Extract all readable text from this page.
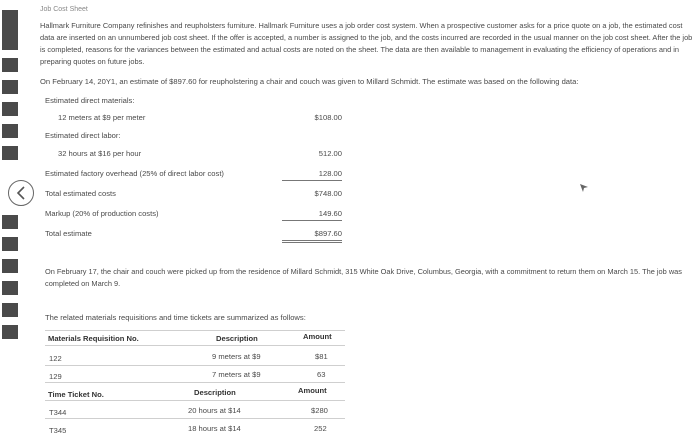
Job Cost Sheet
Hallmark Furniture Company refinishes and reupholsters furniture. Hallmark Furniture uses a job order cost system. When a prospective customer asks for a price quote on a job, the estimated cost data are inserted on an unnumbered job cost sheet. If the offer is accepted, a number is assigned to the job, and the costs incurred are recorded in the usual manner on the job cost sheet. After the job is completed, reasons for the variances between the estimated and actual costs are noted on the sheet. The data are then available to management in evaluating the efficiency of operations and in preparing quotes on future jobs.
On February 14, 20Y1, an estimate of $897.60 for reupholstering a chair and couch was given to Millard Schmidt. The estimate was based on the following data:
Estimated direct materials:
12 meters at $9 per meter	$108.00
Estimated direct labor:
32 hours at $16 per hour	512.00
Estimated factory overhead (25% of direct labor cost)	128.00
Total estimated costs	$748.00
Markup (20% of production costs)	149.60
Total estimate	$897.60
On February 17, the chair and couch were picked up from the residence of Millard Schmidt, 315 White Oak Drive, Columbus, Georgia, with a commitment to return them on March 15. The job was completed on March 9.
The related materials requisitions and time tickets are summarized as follows:
Materials Requisition No.	Description	Amount
122	9 meters at $9	$81
129	7 meters at $9	63
Time Ticket No.	Description	Amount
T344	20 hours at $14	$280
T345	18 hours at $14	252
